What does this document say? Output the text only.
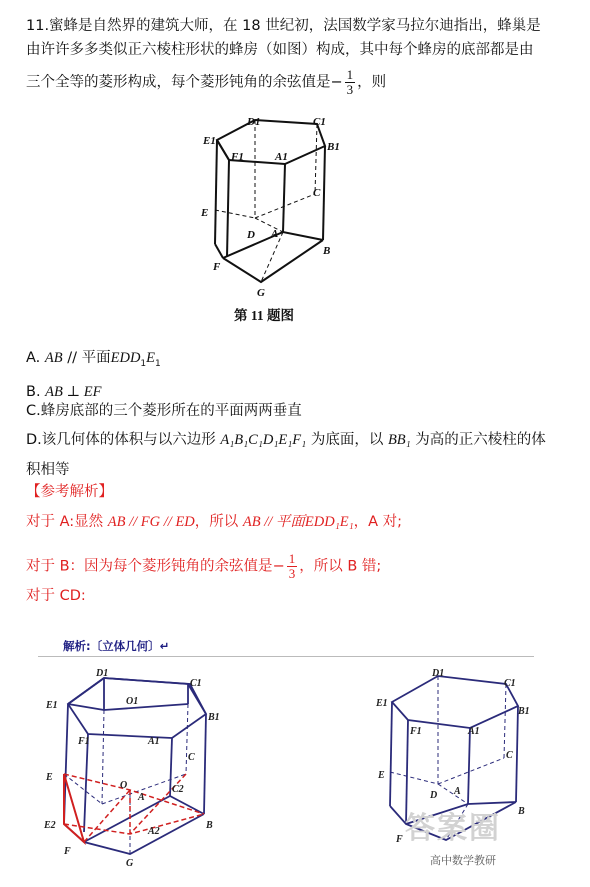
11.蜜蜂是自然界的建筑大师，在 18 世纪初，法国数学家马拉尔迪指出，蜂巢是
由许许多多类似正六棱柱形状的蜂房（如图）构成，其中每个蜂房的底部都是由
三个全等的菱形构成，每个菱形钝角的余弦值是− $\frac{1}{3}$ ，则
D1	C1
E1	B1
F1	A1
C
E
D A
B
F
G
第 11 题图
A. AB // 平面$EDD_1E_1$
B. AB ⊥ EF
C.蜂房底部的三个菱形所在的平面两两垂直
D.该几何体的体积与以六边形 A₁B₁C₁D₁E₁F₁ 为底面，以 BB₁ 为高的正六棱柱的体
积相等
【参考解析】
对于 A:显然 AB // FG // ED，所以 AB // 平面EDD₁E₁，A 对;
对于 B：因为每个菱形钝角的余弦值是− $\frac{1}{3}$ ，所以 B 错;
对于 CD:
解析:〔立体几何〕↵
D1
O1
C1
E1
B1
F1	A1
C
E
C2
O
A
E2
A2
B
F
G
D1
C1
E1
B1
F1	A1
C
E
D A
B
F 答案圈
高中数学教研
